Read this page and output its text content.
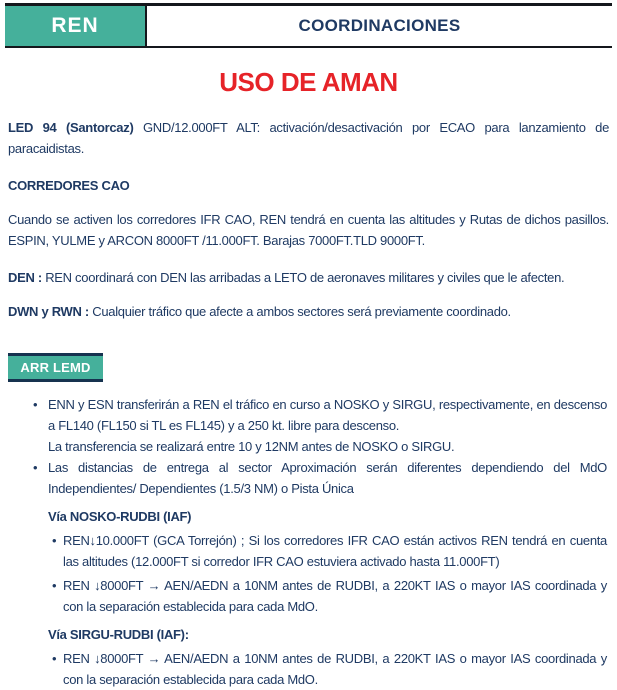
REN	COORDINACIONES
USO DE AMAN

LED 94 (Santorcaz) GND/12.000FT ALT: activación/desactivación por ECAO para lanzamiento de paracaidistas.

CORREDORES CAO

Cuando se activen los corredores IFR CAO, REN tendrá en cuenta las altitudes y Rutas de dichos pasillos. ESPIN, YULME y ARCON 8000FT /11.000FT. Barajas 7000FT.TLD 9000FT.

DEN : REN coordinará con DEN las arribadas a LETO de aeronaves militares y civiles que le afecten.

DWN y RWN : Cualquier tráfico que afecte a ambos sectores será previamente coordinado.

ARR LEMD
• ENN y ESN transferirán a REN el tráfico en curso a NOSKO y SIRGU, respectivamente, en descenso a FL140 (FL150 si TL es FL145) y a 250 kt. libre para descenso.
La transferencia se realizará entre 10 y 12NM antes de NOSKO o SIRGU.
• Las distancias de entrega al sector Aproximación serán diferentes dependiendo del MdO Independientes/ Dependientes (1.5/3 NM) o Pista Única

Vía NOSKO-RUDBI (IAF)

• REN↓10.000FT (GCA Torrejón) ; Si los corredores IFR CAO están activos REN tendrá en cuenta las altitudes (12.000FT si corredor IFR CAO estuviera activado hasta 11.000FT)
• REN ↓8000FT → AEN/AEDN a 10NM antes de RUDBI, a 220KT IAS o mayor IAS coordinada y con la separación establecida para cada MdO.

Vía SIRGU-RUDBI (IAF):

• REN ↓8000FT → AEN/AEDN a 10NM antes de RUDBI, a 220KT IAS o mayor IAS coordinada y con la separación establecida para cada MdO.
